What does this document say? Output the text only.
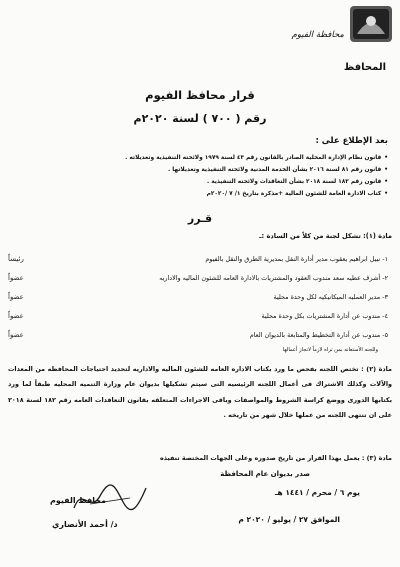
محافظة الفيوم
المحافظ
قرار محافظ الفيوم
رقم ( ٧٠٠ ) لسنة ٢٠٢٠م
بعد الإطلاع على :
• قانون نظام الإدارة المحلية الصادر بالقانون رقم ٤٣ لسنة ١٩٧٩ ولائحته التنفيذية وتعديلاته .
• قانون رقم ٨١ لسنة ٢٠١٦ بشأن الخدمة المدنية ولائحته التنفيذية وتعديلاتها .
• قانون رقم ١٨٢ لسنة ٢٠١٨ بشأن التعاقدات ولائحته التنفيذية .
• كتاب الادارة العامة للشئون المالية +مذكرة بتاريخ ١/ ٧ /٢٠٢٠م
قـرر
مادة (١): تشكل لجنة من كلاً من السادة :ـ
١- نبيل ابراهيم يعقوب مدير أدارة النقل بمديرية الطرق والنقل بالفيوم
رئيساً
٢- أشرف عطيه سعد مندوب العقود والمشتريات بالادارة العامه للشئون الماليه والاداريه
عضواً
٣- مدير العمليه الميكانيكيه لكل وحدة محلية
عضواً
٤- مندوب عن أدارة المشتريات بكل وحدة محلية
عضواً
٥- مندوب عن أدارة التخطيط والمتابعة بالديوان العام
عضواً
وللجنه الأستعانه بمن تراه لازماً لانجاز أعمالها
مادة (٢) : تختص اللجنه بفحص ما ورد بكتاب الاداره العامه للشئون الماليه والاداريه لتحديد احتياجات المحافظه من المعدات والآلات وكذلك الاشتراك فى أعمال اللجنه الرئيسيه التى سيتم تشكيلها بديوان عام وزارة التنميه المحليه طبقاً لما ورد بكتابها الدورى ووضع كراسة الشروط والمواصفات وباقى الاجراءات المتعلقه بقانون التعاقدات العامه رقم ١٨٢ لسنة ٢٠١٨ على ان تنتهى اللجنه من عملها خلال شهر من تاريخه .
مادة (٣) : يعمل بهذا القرار من تاريخ صدوره وعلى الجهات المختصة تنفيذه
صدر بديوان عام المحافظة
يوم ٦ / محرم / ١٤٤١ هـ
الموافق ٢٧ / يوليو / ٢٠٢٠ م
محافظ الفيوم
د/ أحمد الأنصاري
